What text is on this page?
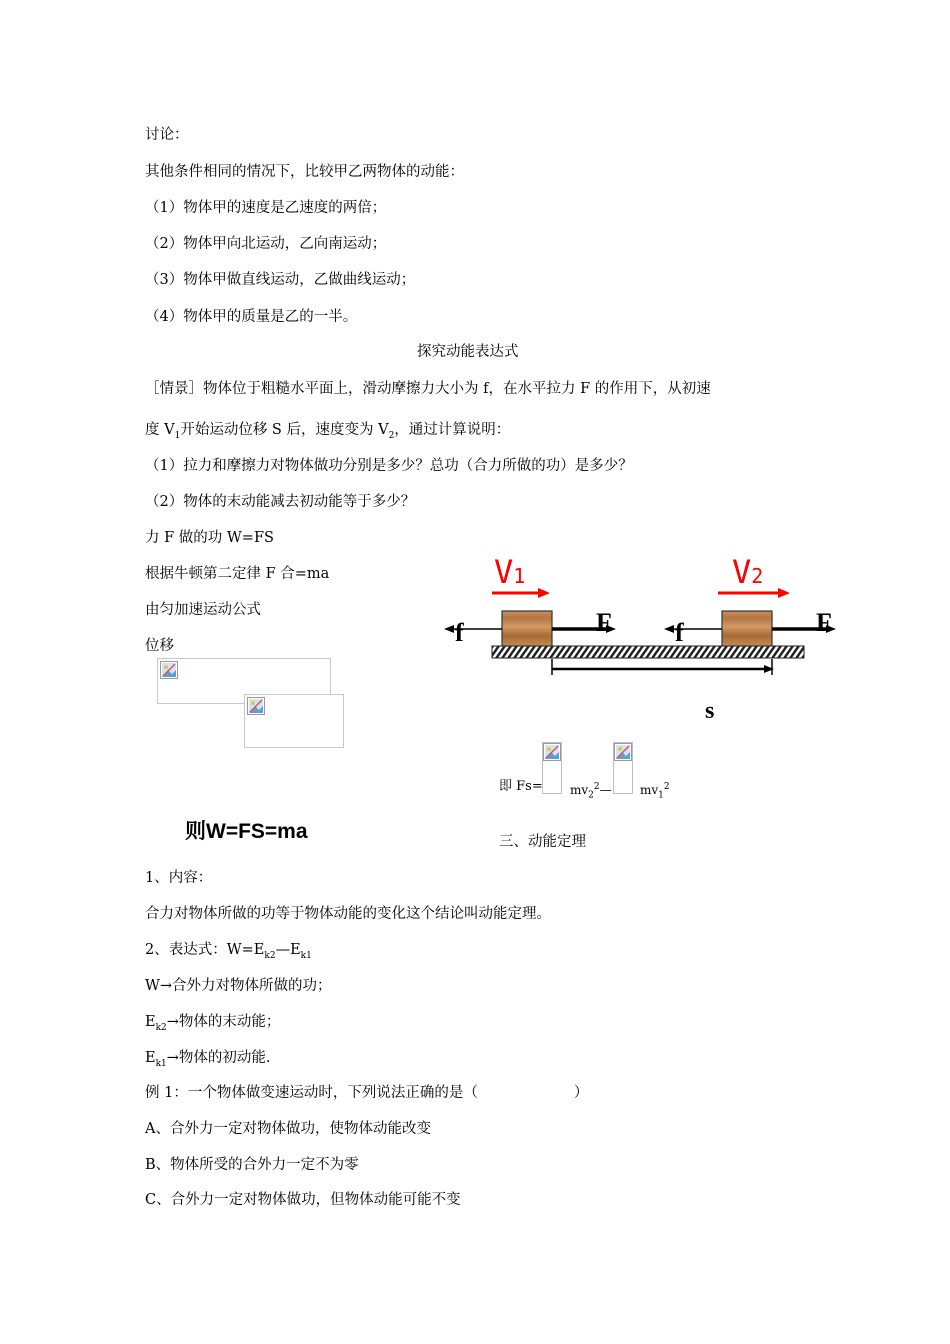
讨论：
其他条件相同的情况下，比较甲乙两物体的动能：
（1）物体甲的速度是乙速度的两倍；
（2）物体甲向北运动，乙向南运动；
（3）物体甲做直线运动，乙做曲线运动；
（4）物体甲的质量是乙的一半。
探究动能表达式
［情景］物体位于粗糙水平面上，滑动摩擦力大小为 f，在水平拉力 F 的作用下，从初速
度 $V_1$开始运动位移 S 后，速度变为 $V_2$，通过计算说明：
（1）拉力和摩擦力对物体做功分别是多少？总功（合力所做的功）是多少？
（2）物体的末动能减去初动能等于多少？
力 F 做的功 W=FS
根据牛顿第二定律 F 合=ma
由匀加速运动公式
位移
V1	V2
f	F f	F
s
即 $Fs= mv_2^2—$ $mv_1^2$
则W=FS=ma	三、动能定理
1、内容：
合力对物体所做的功等于物体动能的变化这个结论叫动能定理。
2、表达式：$W=E_{k2}—E_{k1}$
W→合外力对物体所做的功；
$E_{k2}\to$物体的末动能；
$E_{k1}\to$物体的初动能.
例 1：一个物体做变速运动时，下列说法正确的是（	）
A、合外力一定对物体做功，使物体动能改变
B、物体所受的合外力一定不为零
C、合外力一定对物体做功，但物体动能可能不变
